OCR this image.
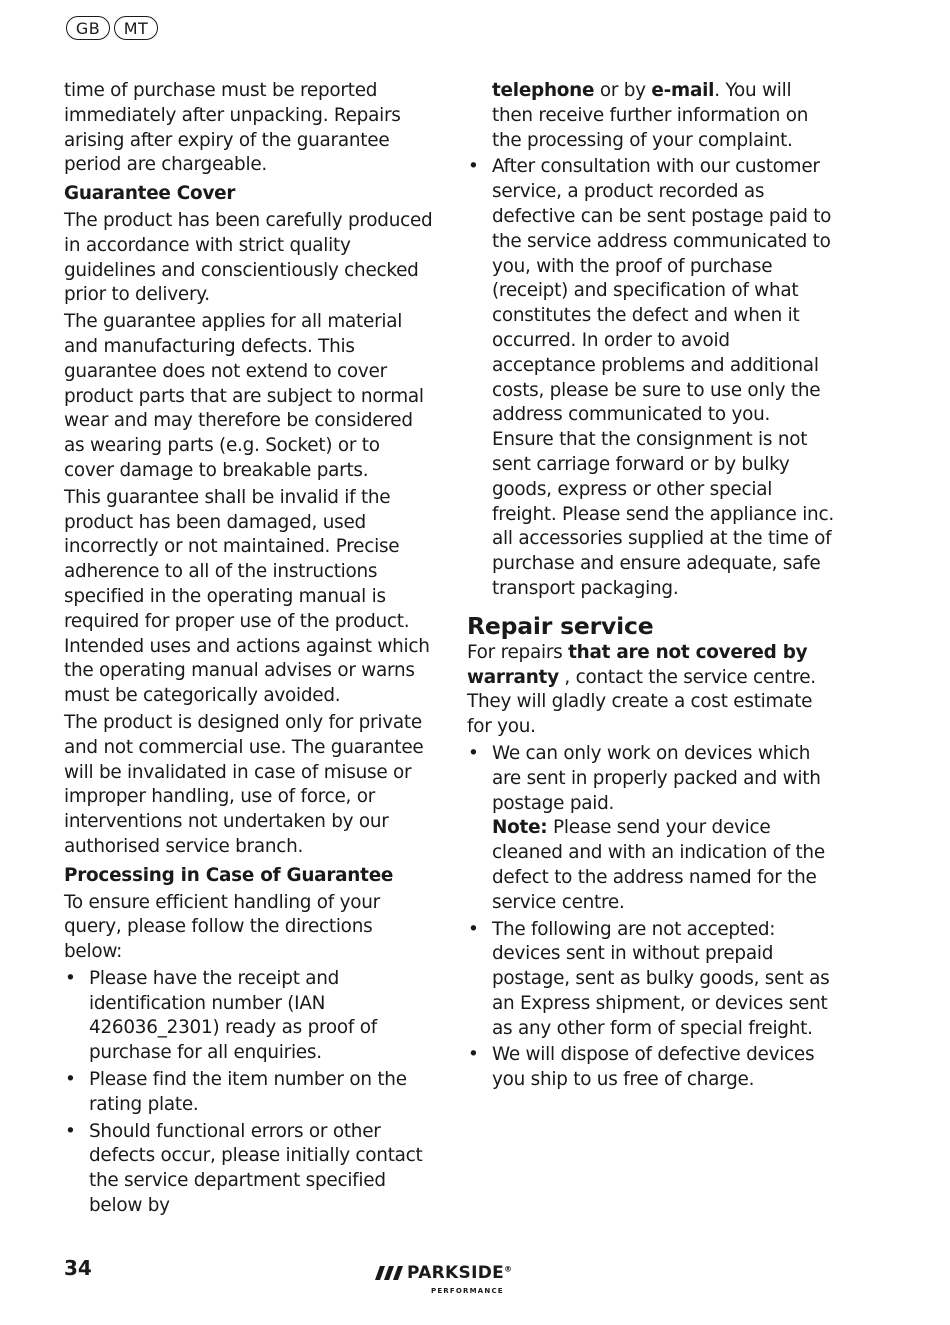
GB	MT

time of purchase must be reported immediately after unpacking. Repairs arising after expiry of the guarantee period are chargeable.

Guarantee Cover

The product has been carefully produced in accordance with strict quality guidelines and conscientiously checked prior to delivery.

The guarantee applies for all material and manufacturing defects. This guarantee does not extend to cover product parts that are subject to normal wear and may therefore be considered as wearing parts (e.g. Socket) or to cover damage to breakable parts.

This guarantee shall be invalid if the product has been damaged, used incorrectly or not maintained. Precise adherence to all of the instructions specified in the operating manual is required for proper use of the product. Intended uses and actions against which the operating manual advises or warns must be categorically avoided.

The product is designed only for private and not commercial use. The guarantee will be invalidated in case of misuse or improper handling, use of force, or interventions not undertaken by our authorised service branch.

Processing in Case of Guarantee

To ensure efficient handling of your query, please follow the directions below:

• Please have the receipt and identification number (IAN 426036_2301) ready as proof of purchase for all enquiries.
• Please find the item number on the rating plate.
• Should functional errors or other defects occur, please initially contact the service department specified below by

telephone or by e-mail. You will then receive further information on the processing of your complaint.

• After consultation with our customer service, a product recorded as defective can be sent postage paid to the service address communicated to you, with the proof of purchase (receipt) and specification of what constitutes the defect and when it occurred. In order to avoid acceptance problems and additional costs, please be sure to use only the address communicated to you. Ensure that the consignment is not sent carriage forward or by bulky goods, express or other special freight. Please send the appliance inc. all accessories supplied at the time of purchase and ensure adequate, safe transport packaging.
Repair service

For repairs that are not covered by warranty , contact the service centre. They will gladly create a cost estimate for you.

• We can only work on devices which are sent in properly packed and with postage paid.
Note: Please send your device cleaned and with an indication of the defect to the address named for the service centre.
• The following are not accepted: devices sent in without prepaid postage, sent as bulky goods, sent as an Express shipment, or devices sent as any other form of special freight.
• We will dispose of defective devices you ship to us free of charge.
34	PARKSIDE®
PERFORMANCE
